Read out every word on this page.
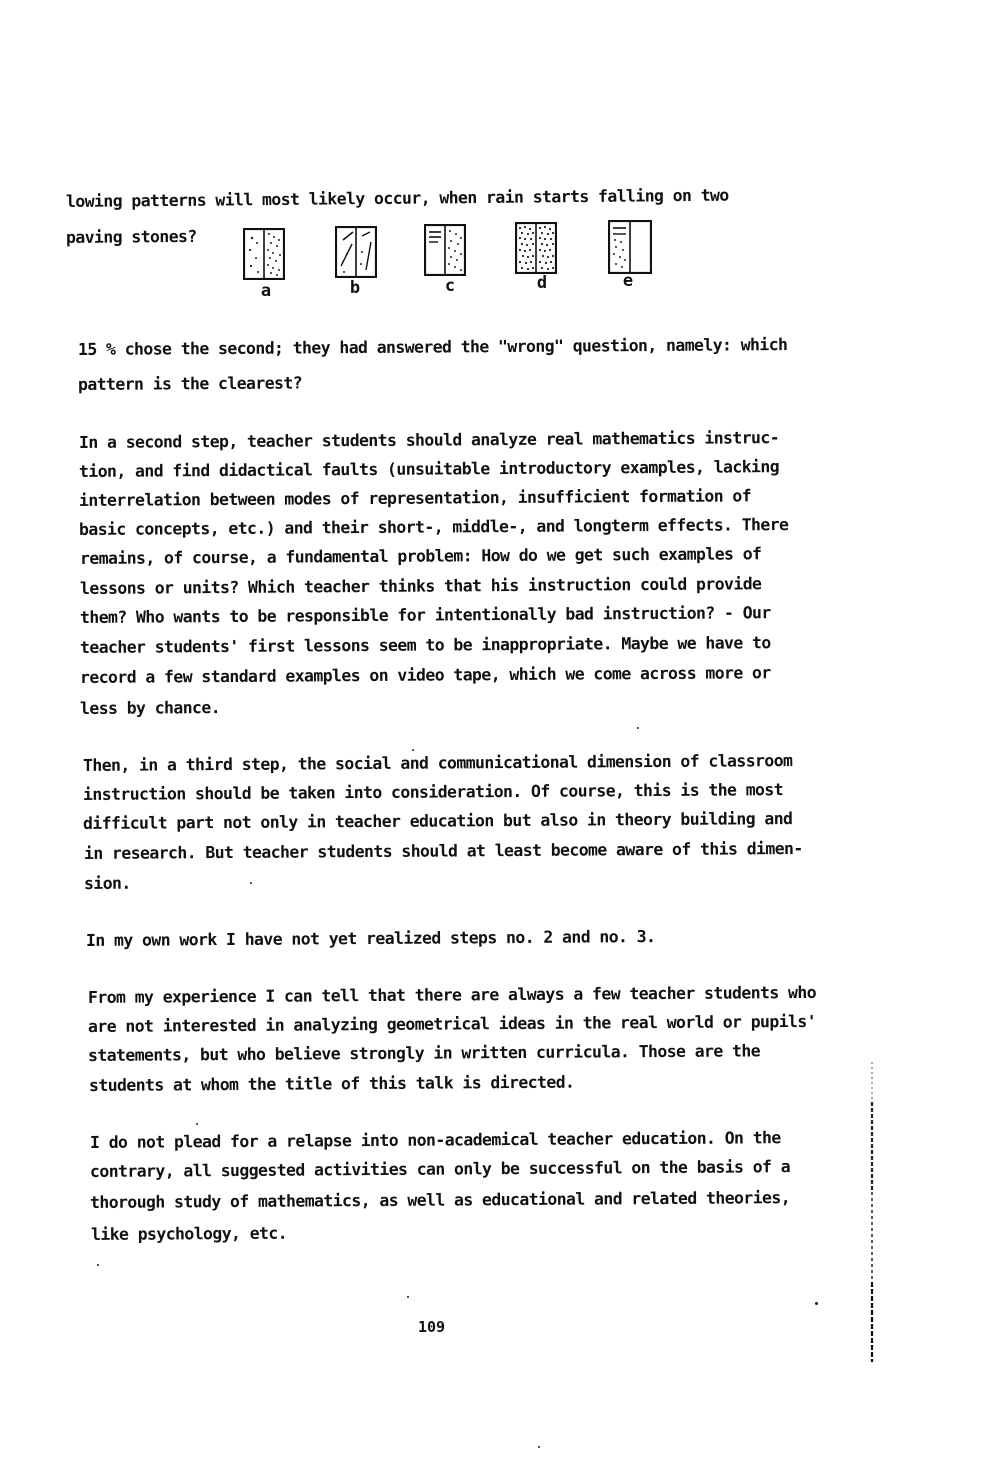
lowing patterns will most likely occur, when rain starts falling on two
paving stones?
a	b	c	d	e
15 % chose the second; they had answered the "wrong" question, namely: which
pattern is the clearest?
In a second step, teacher students should analyze real mathematics instruc-
tion, and find didactical faults (unsuitable introductory examples, lacking
interrelation between modes of representation, insufficient formation of
basic concepts, etc.) and their short-, middle-, and longterm effects. There
remains, of course, a fundamental problem: How do we get such examples of
lessons or units? Which teacher thinks that his instruction could provide
them? Who wants to be responsible for intentionally bad instruction? - Our
teacher students' first lessons seem to be inappropriate. Maybe we have to
record a few standard examples on video tape, which we come across more or
less by chance.
Then, in a third step, the social and communicational dimension of classroom
instruction should be taken into consideration. Of course, this is the most
difficult part not only in teacher education but also in theory building and
in research. But teacher students should at least become aware of this dimen-
sion.
In my own work I have not yet realized steps no. 2 and no. 3.
From my experience I can tell that there are always a few teacher students who
are not interested in analyzing geometrical ideas in the real world or pupils'
statements, but who believe strongly in written curricula. Those are the
students at whom the title of this talk is directed.
I do not plead for a relapse into non-academical teacher education. On the
contrary, all suggested activities can only be successful on the basis of a
thorough study of mathematics, as well as educational and related theories,
like psychology, etc.
109
